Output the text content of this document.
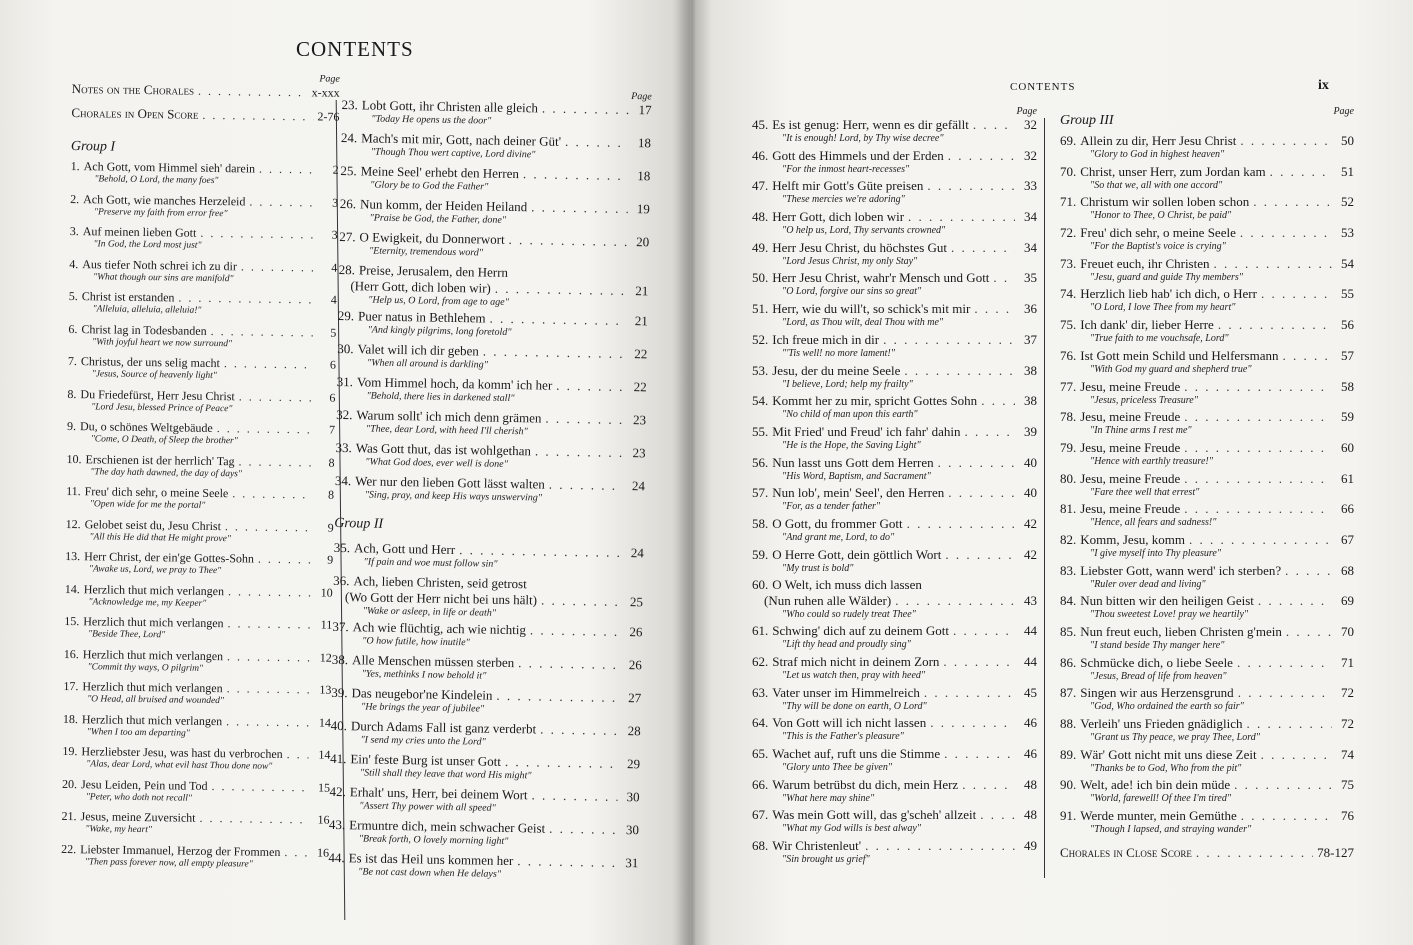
CONTENTS
Page
Notes on the Chorales . . .	x-xxx
Chorales in Open Score . . .	2-76
Group I
1. Ach Gott, vom Himmel sieh' darein . . .	2
"Behold, O Lord, the many foes"
2. Ach Gott, wie manches Herzeleid . . .	3
"Preserve my faith from error free"
3. Auf meinen lieben Gott . . .	3
"In God, the Lord most just"
4. Aus tiefer Noth schrei ich zu dir . . .	4
"What though our sins are manifold"
5. Christ ist erstanden . . .	4
"Alleluia, alleluia, alleluia!"
6. Christ lag in Todesbanden . . .	5
"With joyful heart we now surround"
7. Christus, der uns selig macht . . .	6
"Jesus, Source of heavenly light"
8. Du Friedefürst, Herr Jesu Christ . . .	6
"Lord Jesu, blessed Prince of Peace"
9. Du, o schönes Weltgebäude . . .	7
"Come, O Death, of Sleep the brother"
10. Erschienen ist der herrlich' Tag . . .	8
"The day hath dawned, the day of days"
11. Freu' dich sehr, o meine Seele . . .	8
"Open wide for me the portal"
12. Gelobet seist du, Jesu Christ . . .	9
"All this He did that He might prove"
13. Herr Christ, der ein'ge Gottes-Sohn . . .	9
"Awake us, Lord, we pray to Thee"
14. Herzlich thut mich verlangen . . .	10
"Acknowledge me, my Keeper"
15. Herzlich thut mich verlangen . . .	11
"Beside Thee, Lord"
16. Herzlich thut mich verlangen . . .	12
"Commit thy ways, O pilgrim"
17. Herzlich thut mich verlangen . . .	13
"O Head, all bruised and wounded"
18. Herzlich thut mich verlangen . . .	14
"When I too am departing"
19. Herzliebster Jesu, was hast du verbrochen . . .	14
"Alas, dear Lord, what evil hast Thou done now"
20. Jesu Leiden, Pein und Tod . . .	15
"Peter, who doth not recall"
21. Jesus, meine Zuversicht . . .	16
"Wake, my heart"
22. Liebster Immanuel, Herzog der Frommen . . .	16
"Then pass forever now, all empty pleasure"
Page
23. Lobt Gott, ihr Christen alle gleich . . .	17
"Today He opens us the door"
24. Mach's mit mir, Gott, nach deiner Güt' . . .	18
"Though Thou wert captive, Lord divine"
25. Meine Seel' erhebt den Herren . . .	18
"Glory be to God the Father"
26. Nun komm, der Heiden Heiland . . .	19
"Praise be God, the Father, done"
27. O Ewigkeit, du Donnerwort . . .	20
"Eternity, tremendous word"
28. Preise, Jerusalem, den Herrn
(Herr Gott, dich loben wir) . . .	21
"Help us, O Lord, from age to age"
29. Puer natus in Bethlehem . . .	21
"And kingly pilgrims, long foretold"
30. Valet will ich dir geben . . .	22
"When all around is darkling"
31. Vom Himmel hoch, da komm' ich her . . .	22
"Behold, there lies in darkened stall"
32. Warum sollt' ich mich denn grämen . . .	23
"Thee, dear Lord, with heed I'll cherish"
33. Was Gott thut, das ist wohlgethan . . .	23
"What God does, ever well is done"
34. Wer nur den lieben Gott lässt walten . . .	24
"Sing, pray, and keep His ways unswerving"
Group II
35. Ach, Gott und Herr . . .	24
"If pain and woe must follow sin"
36. Ach, lieben Christen, seid getrost
(Wo Gott der Herr nicht bei uns hält) . . .	25
"Wake or asleep, in life or death"
37. Ach wie flüchtig, ach wie nichtig . . .	26
"O how futile, how inutile"
38. Alle Menschen müssen sterben . . .	26
"Yes, methinks I now behold it"
39. Das neugebor'ne Kindelein . . .	27
"He brings the year of jubilee"
40. Durch Adams Fall ist ganz verderbt . . .	28
"I send my cries unto the Lord"
41. Ein' feste Burg ist unser Gott . . .	29
"Still shall they leave that word His might"
42. Erhalt' uns, Herr, bei deinem Wort . . .	30
"Assert Thy power with all speed"
43. Ermuntre dich, mein schwacher Geist . . .	30
"Break forth, O lovely morning light"
44. Es ist das Heil uns kommen her . . .	31
"Be not cast down when He delays"
CONTENTS	ix
Page
45. Es ist genug: Herr, wenn es dir gefällt . . .	32
"It is enough! Lord, by Thy wise decree"
46. Gott des Himmels und der Erden . . .	32
"For the inmost heart-recesses"
47. Helft mir Gott's Güte preisen . . .	33
"These mercies we're adoring"
48. Herr Gott, dich loben wir . . .	34
"O help us, Lord, Thy servants crowned"
49. Herr Jesu Christ, du höchstes Gut . . .	34
"Lord Jesus Christ, my only Stay"
50. Herr Jesu Christ, wahr'r Mensch und Gott . . .	35
"O Lord, forgive our sins so great"
51. Herr, wie du will't, so schick's mit mir . . .	36
"Lord, as Thou wilt, deal Thou with me"
52. Ich freue mich in dir . . .	37
"'Tis well! no more lament!"
53. Jesu, der du meine Seele . . .	38
"I believe, Lord; help my frailty"
54. Kommt her zu mir, spricht Gottes Sohn . . .	38
"No child of man upon this earth"
55. Mit Fried' und Freud' ich fahr' dahin . . .	39
"He is the Hope, the Saving Light"
56. Nun lasst uns Gott dem Herren . . .	40
"His Word, Baptism, and Sacrament"
57. Nun lob', mein' Seel', den Herren . . .	40
"For, as a tender father"
58. O Gott, du frommer Gott . . .	42
"And grant me, Lord, to do"
59. O Herre Gott, dein göttlich Wort . . .	42
"My trust is bold"
60. O Welt, ich muss dich lassen
(Nun ruhen alle Wälder) . . .	43
"Who could so rudely treat Thee"
61. Schwing' dich auf zu deinem Gott . . .	44
"Lift thy head and proudly sing"
62. Straf mich nicht in deinem Zorn . . .	44
"Let us watch then, pray with heed"
63. Vater unser im Himmelreich . . .	45
"Thy will be done on earth, O Lord"
64. Von Gott will ich nicht lassen . . .	46
"This is the Father's pleasure"
65. Wachet auf, ruft uns die Stimme . . .	46
"Glory unto Thee be given"
66. Warum betrübst du dich, mein Herz . . .	48
"What here may shine"
67. Was mein Gott will, das g'scheh' allzeit . . .	48
"What my God wills is best alway"
68. Wir Christenleut' . . .	49
"Sin brought us grief"
Page
Group III
69. Allein zu dir, Herr Jesu Christ . . .	50
"Glory to God in highest heaven"
70. Christ, unser Herr, zum Jordan kam . . .	51
"So that we, all with one accord"
71. Christum wir sollen loben schon . . .	52
"Honor to Thee, O Christ, be paid"
72. Freu' dich sehr, o meine Seele . . .	53
"For the Baptist's voice is crying"
73. Freuet euch, ihr Christen . . .	54
"Jesu, guard and guide Thy members"
74. Herzlich lieb hab' ich dich, o Herr . . .	55
"O Lord, I love Thee from my heart"
75. Ich dank' dir, lieber Herre . . .	56
"True faith to me vouchsafe, Lord"
76. Ist Gott mein Schild und Helfersmann . . .	57
"With God my guard and shepherd true"
77. Jesu, meine Freude . . .	58
"Jesus, priceless Treasure"
78. Jesu, meine Freude . . .	59
"In Thine arms I rest me"
79. Jesu, meine Freude . . .	60
"Hence with earthly treasure!"
80. Jesu, meine Freude . . .	61
"Fare thee well that errest"
81. Jesu, meine Freude . . .	66
"Hence, all fears and sadness!"
82. Komm, Jesu, komm . . .	67
"I give myself into Thy pleasure"
83. Liebster Gott, wann werd' ich sterben? . . .	68
"Ruler over dead and living"
84. Nun bitten wir den heiligen Geist . . .	69
"Thou sweetest Love! pray we heartily"
85. Nun freut euch, lieben Christen g'mein . . .	70
"I stand beside Thy manger here"
86. Schmücke dich, o liebe Seele . . .	71
"Jesus, Bread of life from heaven"
87. Singen wir aus Herzensgrund . . .	72
"God, Who ordained the earth so fair"
88. Verleih' uns Frieden gnädiglich . . .	72
"Grant us Thy peace, we pray Thee, Lord"
89. Wär' Gott nicht mit uns diese Zeit . . .	74
"Thanks be to God, Who from the pit"
90. Welt, ade! ich bin dein müde . . .	75
"World, farewell! Of thee I'm tired"
91. Werde munter, mein Gemüthe . . .	76
"Though I lapsed, and straying wander"
Chorales in Close Score . . .	78-127
